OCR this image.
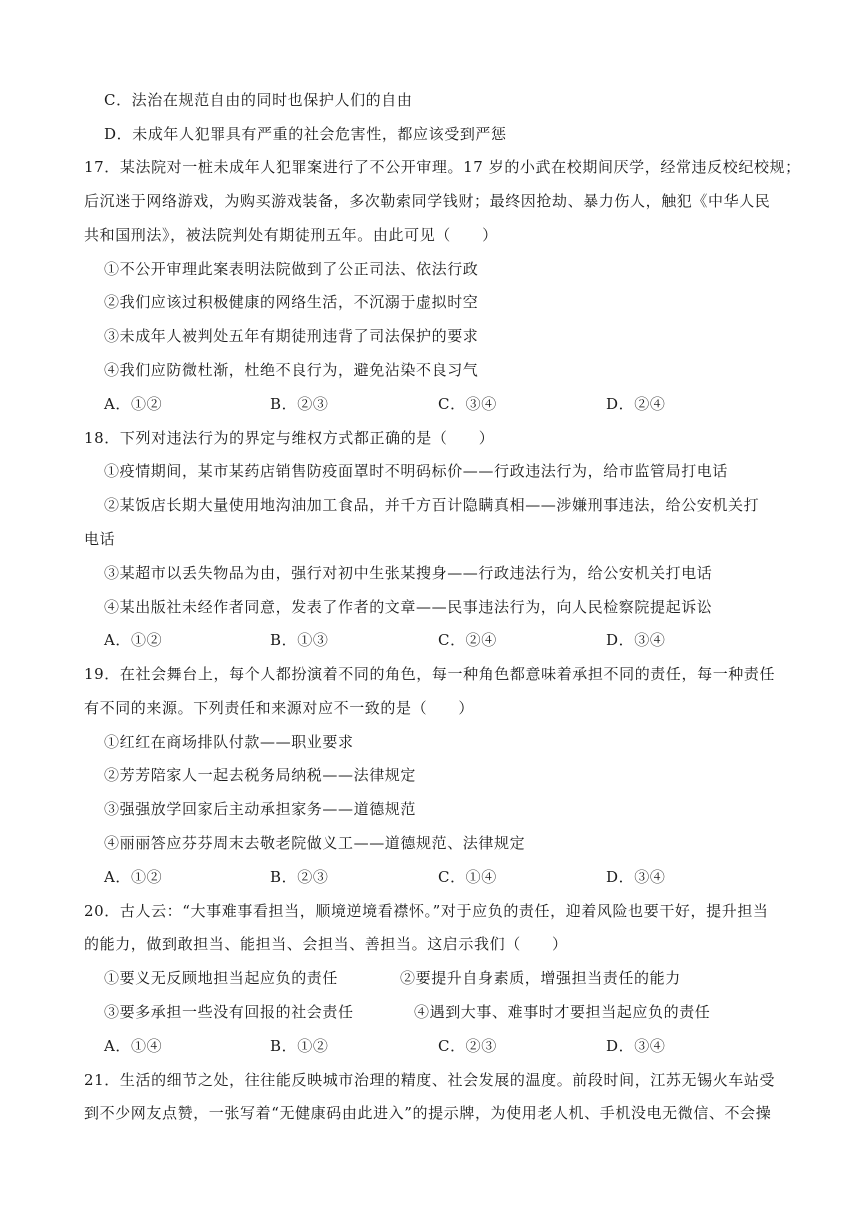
C．法治在规范自由的同时也保护人们的自由
D．未成年人犯罪具有严重的社会危害性，都应该受到严惩
17．某法院对一桩未成年人犯罪案进行了不公开审理。17 岁的小武在校期间厌学，经常违反校纪校规；
后沉迷于网络游戏，为购买游戏装备，多次勒索同学钱财；最终因抢劫、暴力伤人，触犯《中华人民
共和国刑法》，被法院判处有期徒刑五年。由此可见（　　）
①不公开审理此案表明法院做到了公正司法、依法行政
②我们应该过积极健康的网络生活，不沉溺于虚拟时空
③未成年人被判处五年有期徒刑违背了司法保护的要求
④我们应防微杜渐，杜绝不良行为，避免沾染不良习气
A．①②	B．②③	C．③④	D．②④
18．下列对违法行为的界定与维权方式都正确的是（　　）
①疫情期间，某市某药店销售防疫面罩时不明码标价——行政违法行为，给市监管局打电话
②某饭店长期大量使用地沟油加工食品，并千方百计隐瞒真相——涉嫌刑事违法，给公安机关打
电话
③某超市以丢失物品为由，强行对初中生张某搜身——行政违法行为，给公安机关打电话
④某出版社未经作者同意，发表了作者的文章——民事违法行为，向人民检察院提起诉讼
A．①②	B．①③	C．②④	D．③④
19．在社会舞台上，每个人都扮演着不同的角色，每一种角色都意味着承担不同的责任，每一种责任
有不同的来源。下列责任和来源对应不一致的是（　　）
①红红在商场排队付款——职业要求
②芳芳陪家人一起去税务局纳税——法律规定
③强强放学回家后主动承担家务——道德规范
④丽丽答应芬芬周末去敬老院做义工——道德规范、法律规定
A．①②	B．②③	C．①④	D．③④
20．古人云：“大事难事看担当，顺境逆境看襟怀。”对于应负的责任，迎着风险也要干好，提升担当
的能力，做到敢担当、能担当、会担当、善担当。这启示我们（　　）
①要义无反顾地担当起应负的责任	②要提升自身素质，增强担当责任的能力
③要多承担一些没有回报的社会责任	④遇到大事、难事时才要担当起应负的责任
A．①④	B．①②	C．②③	D．③④
21．生活的细节之处，往往能反映城市治理的精度、社会发展的温度。前段时间，江苏无锡火车站受
到不少网友点赞，一张写着“无健康码由此进入”的提示牌，为使用老人机、手机没电无微信、不会操
